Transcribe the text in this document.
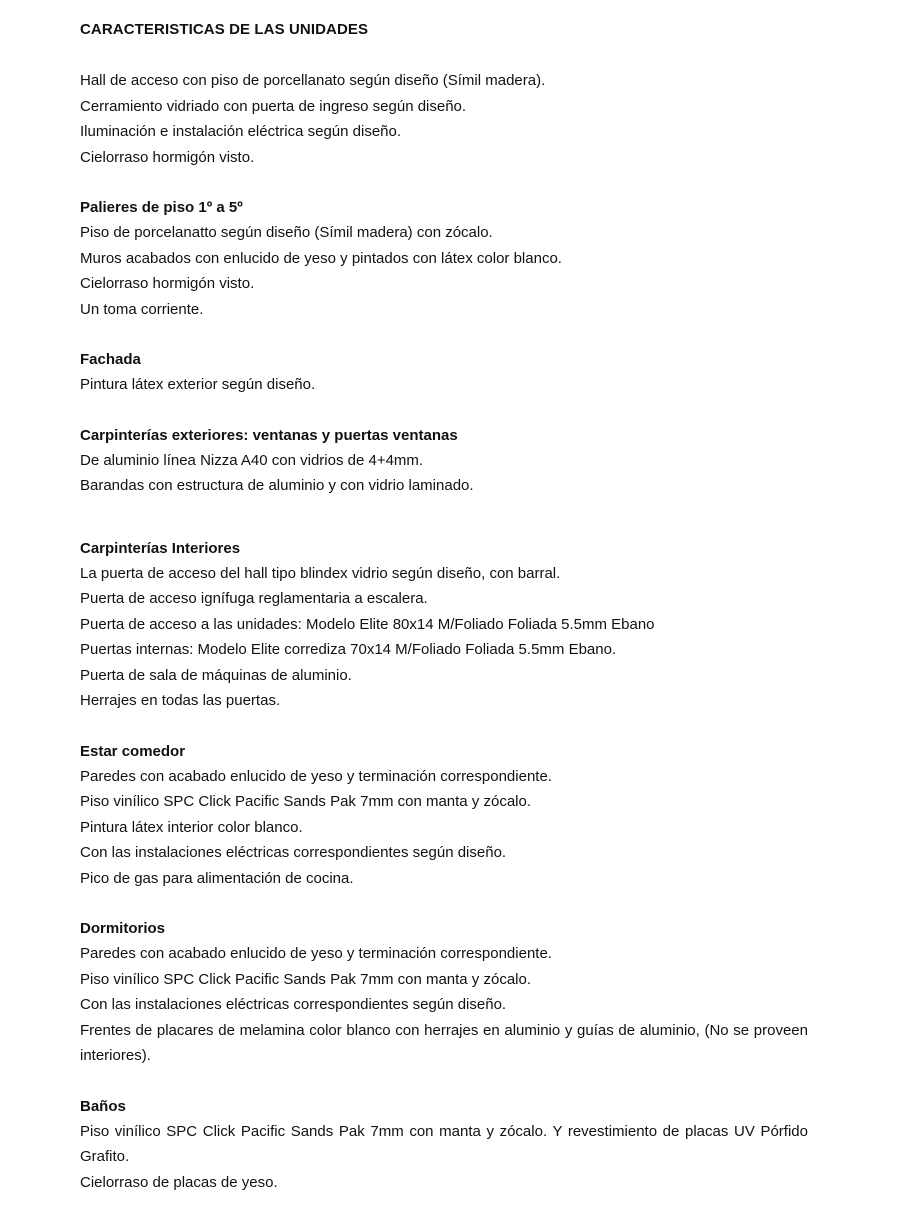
CARACTERISTICAS DE LAS UNIDADES

Hall de acceso con piso de porcellanato según diseño (Símil madera).

Cerramiento vidriado con puerta de ingreso según diseño.

Iluminación e instalación eléctrica según diseño.

Cielorraso hormigón visto.

Palieres de piso 1º a 5º

Piso de porcelanatto según diseño (Símil madera) con zócalo.

Muros acabados con enlucido de yeso y pintados con látex color blanco.

Cielorraso hormigón visto.

Un toma corriente.

Fachada

Pintura látex exterior según diseño.

Carpinterías exteriores: ventanas y puertas ventanas

De aluminio línea Nizza A40 con vidrios de 4+4mm.

Barandas con estructura de aluminio y con vidrio laminado.

Carpinterías Interiores

La puerta de acceso del hall tipo blindex vidrio según diseño, con barral.

Puerta de acceso ignífuga reglamentaria a escalera.

Puerta de acceso a las unidades: Modelo Elite 80x14 M/Foliado Foliada 5.5mm Ebano

Puertas internas: Modelo Elite corrediza 70x14 M/Foliado Foliada 5.5mm Ebano.

Puerta de sala de máquinas de aluminio.

Herrajes en todas las puertas.

Estar comedor

Paredes con acabado enlucido de yeso y terminación correspondiente.

Piso vinílico SPC Click Pacific Sands Pak 7mm con manta y zócalo.

Pintura látex interior color blanco.

Con las instalaciones eléctricas correspondientes según diseño.

Pico de gas para alimentación de cocina.

Dormitorios

Paredes con acabado enlucido de yeso y terminación correspondiente.

Piso vinílico SPC Click Pacific Sands Pak 7mm con manta y zócalo.

Con las instalaciones eléctricas correspondientes según diseño.

Frentes de placares de melamina color blanco con herrajes en aluminio y guías de aluminio, (No se proveen interiores).

Baños

Piso vinílico SPC Click Pacific Sands Pak 7mm con manta y zócalo. Y revestimiento de placas UV Pórfido Grafito.

Cielorraso de placas de yeso.
